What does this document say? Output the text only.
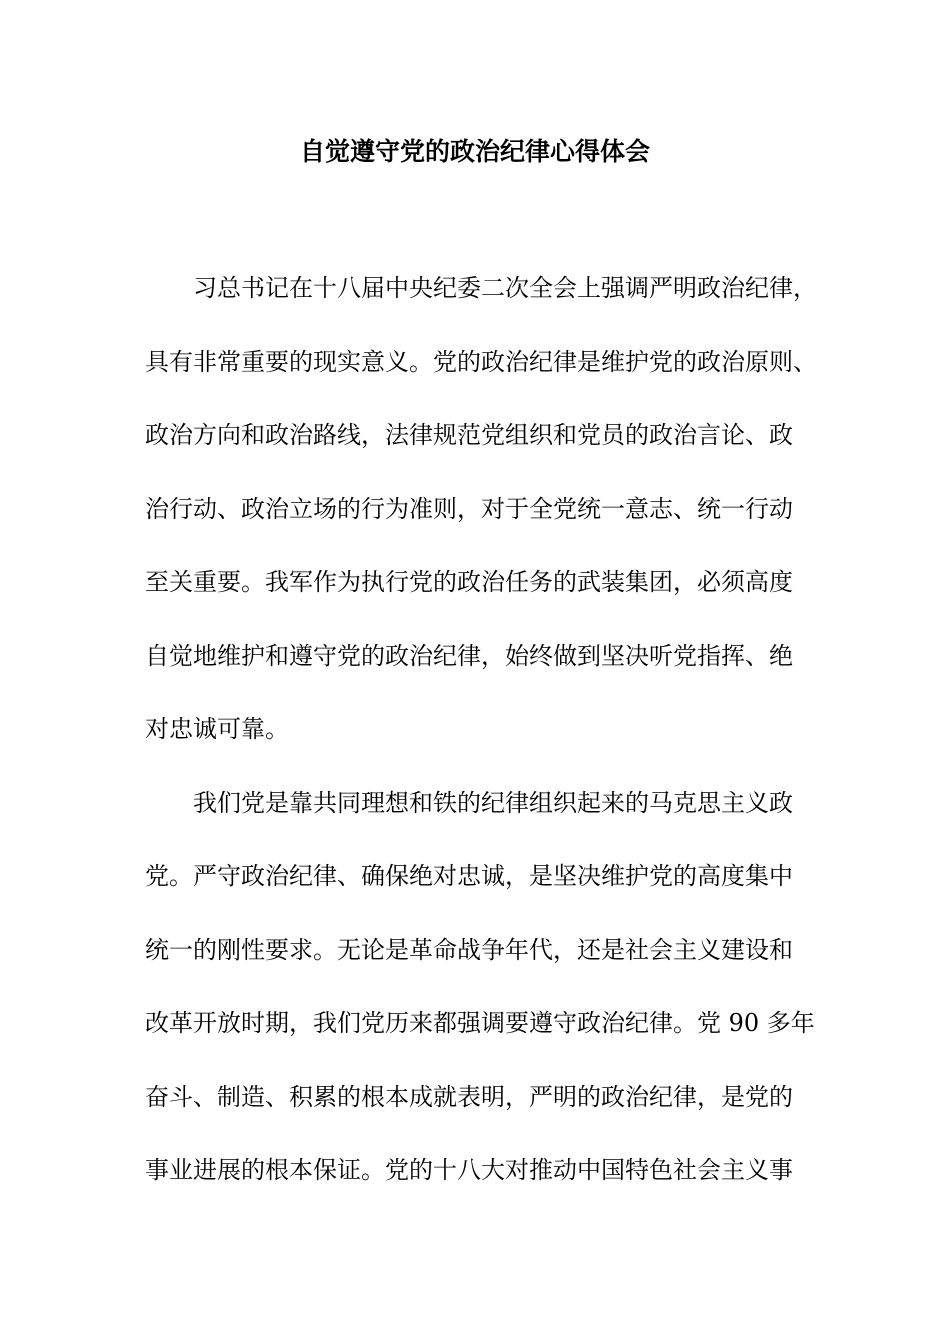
自觉遵守党的政治纪律心得体会
习总书记在十八届中央纪委二次全会上强调严明政治纪律，
具有非常重要的现实意义。党的政治纪律是维护党的政治原则、
政治方向和政治路线，法律规范党组织和党员的政治言论、政
治行动、政治立场的行为准则，对于全党统一意志、统一行动
至关重要。我军作为执行党的政治任务的武装集团，必须高度
自觉地维护和遵守党的政治纪律，始终做到坚决听党指挥、绝
对忠诚可靠。
我们党是靠共同理想和铁的纪律组织起来的马克思主义政
党。严守政治纪律、确保绝对忠诚，是坚决维护党的高度集中
统一的刚性要求。无论是革命战争年代，还是社会主义建设和
改革开放时期，我们党历来都强调要遵守政治纪律。党 90 多年
奋斗、制造、积累的根本成就表明，严明的政治纪律，是党的
事业进展的根本保证。党的十八大对推动中国特色社会主义事
